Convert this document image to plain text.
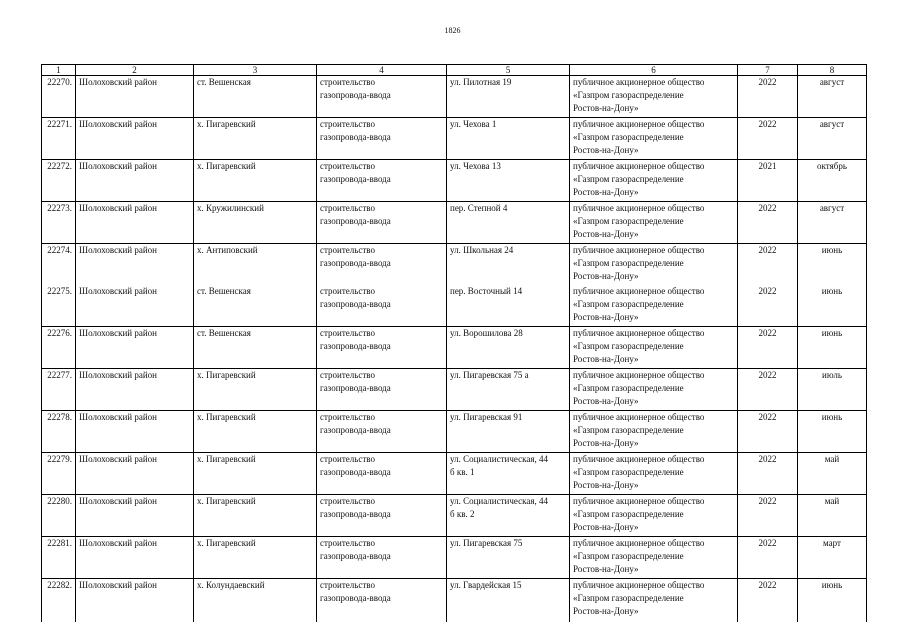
1826
1	2	3	4	5	6	7	8
22270.	Шолоховский район	ст. Вешенская	строительство
газопровода-ввода	ул. Пилотная 19	публичное акционерное общество
«Газпром газораспределение
Ростов-на-Дону»	2022	август
22271.	Шолоховский район	х. Пигаревский	строительство
газопровода-ввода	ул. Чехова 1	публичное акционерное общество
«Газпром газораспределение
Ростов-на-Дону»	2022	август
22272.	Шолоховский район	х. Пигаревский	строительство
газопровода-ввода	ул. Чехова 13	публичное акционерное общество
«Газпром газораспределение
Ростов-на-Дону»	2021	октябрь
22273.	Шолоховский район	х. Кружилинский	строительство
газопровода-ввода	пер. Степной 4	публичное акционерное общество
«Газпром газораспределение
Ростов-на-Дону»	2022	август
22274.	Шолоховский район	х. Антиповский	строительство
газопровода-ввода	ул. Школьная 24	публичное акционерное общество
«Газпром газораспределение
Ростов-на-Дону»	2022	июнь
22275.	Шолоховский район	ст. Вешенская	строительство
газопровода-ввода	пер. Восточный 14	публичное акционерное общество
«Газпром газораспределение
Ростов-на-Дону»	2022	июнь
22276.	Шолоховский район	ст. Вешенская	строительство
газопровода-ввода	ул. Ворошилова 28	публичное акционерное общество
«Газпром газораспределение
Ростов-на-Дону»	2022	июнь
22277.	Шолоховский район	х. Пигаревский	строительство
газопровода-ввода	ул. Пигаревская 75 а	публичное акционерное общество
«Газпром газораспределение
Ростов-на-Дону»	2022	июль
22278.	Шолоховский район	х. Пигаревский	строительство
газопровода-ввода	ул. Пигаревская 91	публичное акционерное общество
«Газпром газораспределение
Ростов-на-Дону»	2022	июнь
22279.	Шолоховский район	х. Пигаревский	строительство
газопровода-ввода	ул. Социалистическая, 44
б кв. 1	публичное акционерное общество
«Газпром газораспределение
Ростов-на-Дону»	2022	май
22280.	Шолоховский район	х. Пигаревский	строительство
газопровода-ввода	ул. Социалистическая, 44
б кв. 2	публичное акционерное общество
«Газпром газораспределение
Ростов-на-Дону»	2022	май
22281.	Шолоховский район	х. Пигаревский	строительство
газопровода-ввода	ул. Пигаревская 75	публичное акционерное общество
«Газпром газораспределение
Ростов-на-Дону»	2022	март
22282.	Шолоховский район	х. Колундаевский	строительство
газопровода-ввода	ул. Гвардейская 15	публичное акционерное общество
«Газпром газораспределение
Ростов-на-Дону»	2022	июнь
